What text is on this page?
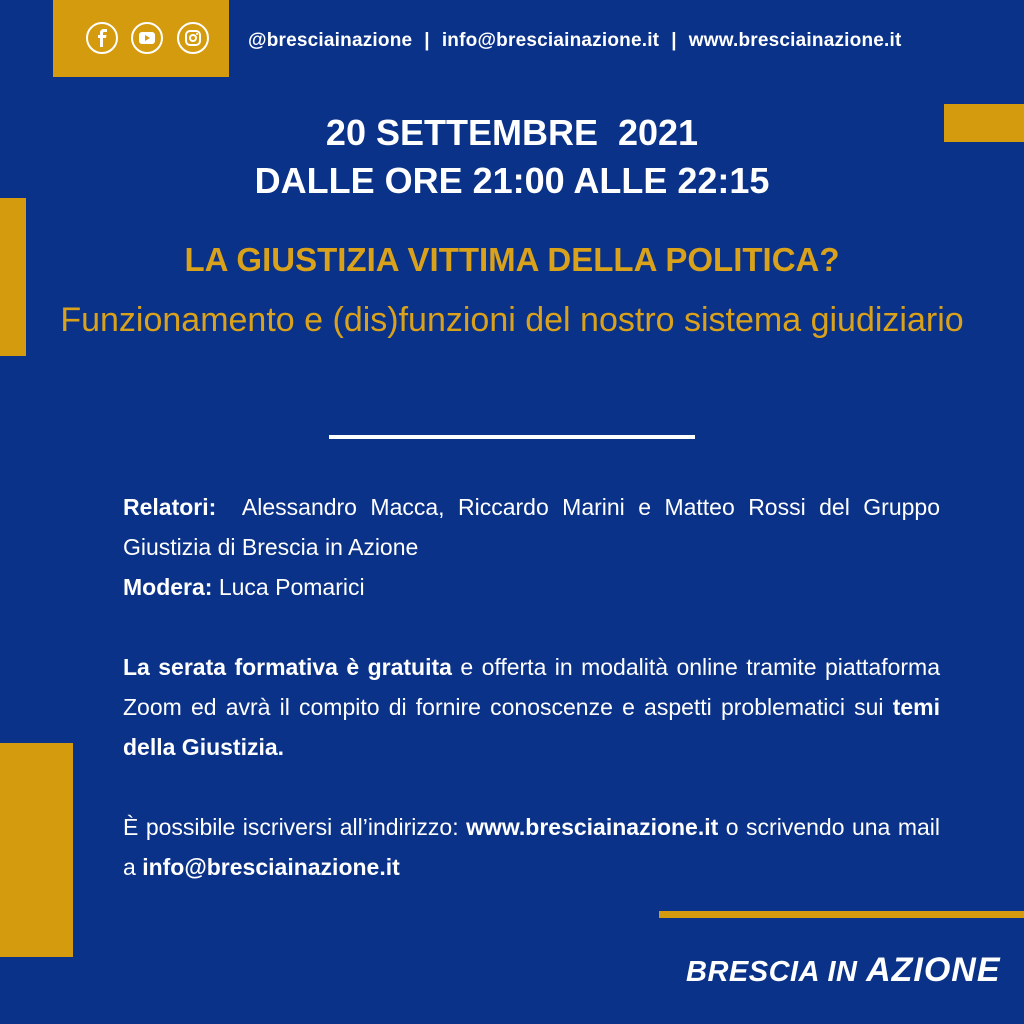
@bresciainazione | info@bresciainazione.it | www.bresciainazione.it
20 SETTEMBRE  2021
DALLE ORE 21:00 ALLE 22:15
LA GIUSTIZIA VITTIMA DELLA POLITICA?
Funzionamento e (dis)funzioni del nostro sistema giudiziario
Relatori: Alessandro Macca, Riccardo Marini e Matteo Rossi del Gruppo Giustizia di Brescia in Azione
Modera: Luca Pomarici
La serata formativa è gratuita e offerta in modalità online tramite piattaforma Zoom ed avrà il compito di fornire conoscenze e aspetti problematici sui temi della Giustizia.
È possibile iscriversi all’indirizzo: www.bresciainazione.it o scrivendo una mail a info@bresciainazione.it
BRESCIA IN AZIONE
